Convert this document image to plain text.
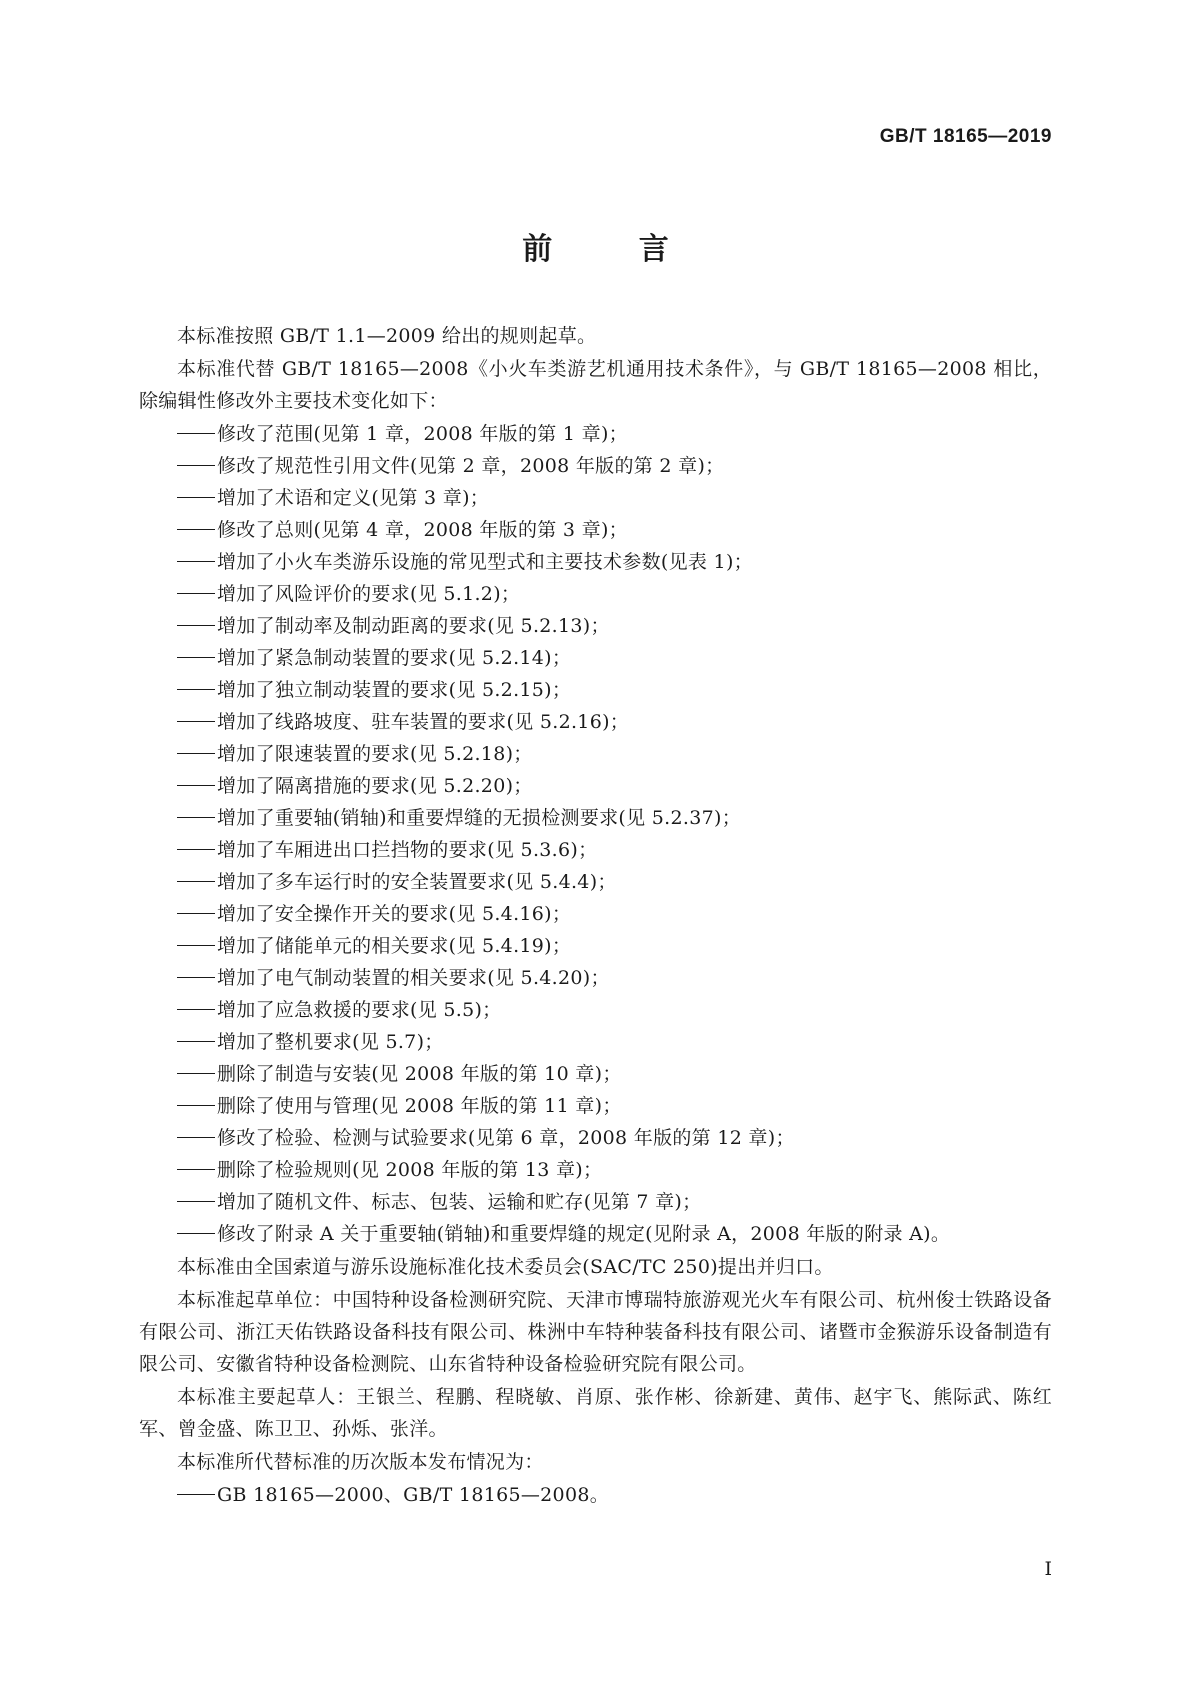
GB/T 18165—2019

前 言

本标准按照 GB/T 1.1—2009 给出的规则起草。

本标准代替 GB/T 18165—2008《小火车类游艺机通用技术条件》，与 GB/T 18165—2008 相比，除编辑性修改外主要技术变化如下：

修改了范围(见第 1 章，2008 年版的第 1 章)；
修改了规范性引用文件(见第 2 章，2008 年版的第 2 章)；
增加了术语和定义(见第 3 章)；
修改了总则(见第 4 章，2008 年版的第 3 章)；
增加了小火车类游乐设施的常见型式和主要技术参数(见表 1)；
增加了风险评价的要求(见 5.1.2)；
增加了制动率及制动距离的要求(见 5.2.13)；
增加了紧急制动装置的要求(见 5.2.14)；
增加了独立制动装置的要求(见 5.2.15)；
增加了线路坡度、驻车装置的要求(见 5.2.16)；
增加了限速装置的要求(见 5.2.18)；
增加了隔离措施的要求(见 5.2.20)；
增加了重要轴(销轴)和重要焊缝的无损检测要求(见 5.2.37)；
增加了车厢进出口拦挡物的要求(见 5.3.6)；
增加了多车运行时的安全装置要求(见 5.4.4)；
增加了安全操作开关的要求(见 5.4.16)；
增加了储能单元的相关要求(见 5.4.19)；
增加了电气制动装置的相关要求(见 5.4.20)；
增加了应急救援的要求(见 5.5)；
增加了整机要求(见 5.7)；
删除了制造与安装(见 2008 年版的第 10 章)；
删除了使用与管理(见 2008 年版的第 11 章)；
修改了检验、检测与试验要求(见第 6 章，2008 年版的第 12 章)；
删除了检验规则(见 2008 年版的第 13 章)；
增加了随机文件、标志、包装、运输和贮存(见第 7 章)；
修改了附录 A 关于重要轴(销轴)和重要焊缝的规定(见附录 A，2008 年版的附录 A)。

本标准由全国索道与游乐设施标准化技术委员会(SAC/TC 250)提出并归口。

本标准起草单位：中国特种设备检测研究院、天津市博瑞特旅游观光火车有限公司、杭州俊士铁路设备有限公司、浙江天佑铁路设备科技有限公司、株洲中车特种装备科技有限公司、诸暨市金猴游乐设备制造有限公司、安徽省特种设备检测院、山东省特种设备检验研究院有限公司。

本标准主要起草人：王银兰、程鹏、程晓敏、肖原、张作彬、徐新建、黄伟、赵宇飞、熊际武、陈红军、曾金盛、陈卫卫、孙烁、张洋。

本标准所代替标准的历次版本发布情况为：

GB 18165—2000、GB/T 18165—2008。

I
